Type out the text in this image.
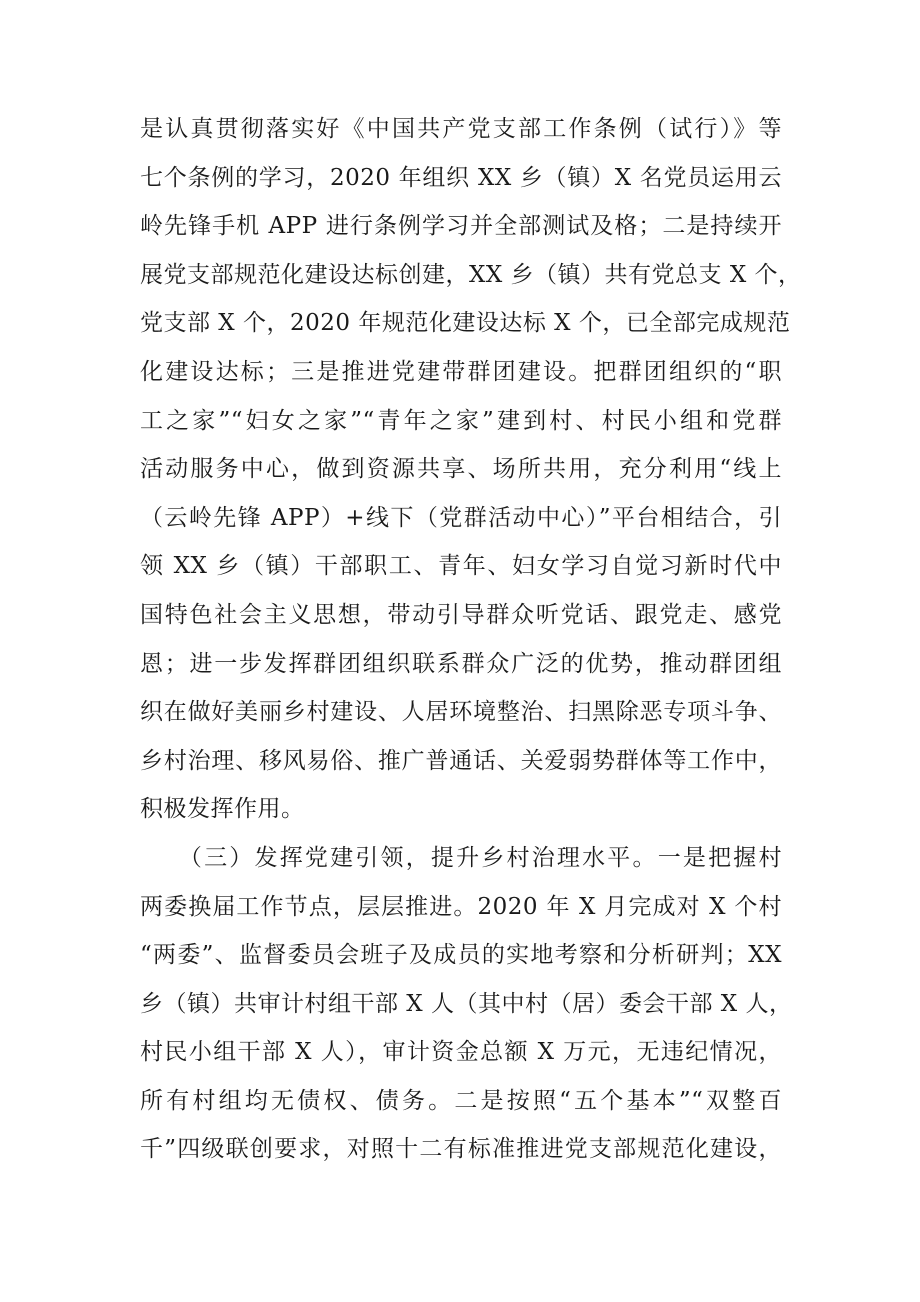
是认真贯彻落实好《中国共产党支部工作条例（试行）》等
七个条例的学习，2020 年组织 XX 乡（镇）X 名党员运用云
岭先锋手机 APP 进行条例学习并全部测试及格；二是持续开
展党支部规范化建设达标创建，XX 乡（镇）共有党总支 X 个，
党支部 X 个，2020 年规范化建设达标 X 个，已全部完成规范
化建设达标；三是推进党建带群团建设。把群团组织的“职
工之家”“妇女之家”“青年之家”建到村、村民小组和党群
活动服务中心，做到资源共享、场所共用，充分利用“线上
（云岭先锋 APP）+线下（党群活动中心）”平台相结合，引
领 XX 乡（镇）干部职工、青年、妇女学习自觉习新时代中
国特色社会主义思想，带动引导群众听党话、跟党走、感党
恩；进一步发挥群团组织联系群众广泛的优势，推动群团组
织在做好美丽乡村建设、人居环境整治、扫黑除恶专项斗争、
乡村治理、移风易俗、推广普通话、关爱弱势群体等工作中，
积极发挥作用。
　　（三）发挥党建引领，提升乡村治理水平。一是把握村
两委换届工作节点，层层推进。2020 年 X 月完成对 X 个村
“两委”、监督委员会班子及成员的实地考察和分析研判；XX
乡（镇）共审计村组干部 X 人（其中村（居）委会干部 X 人，
村民小组干部 X 人），审计资金总额 X 万元，无违纪情况，
所有村组均无债权、债务。二是按照“五个基本”“双整百
千”四级联创要求，对照十二有标准推进党支部规范化建设，
